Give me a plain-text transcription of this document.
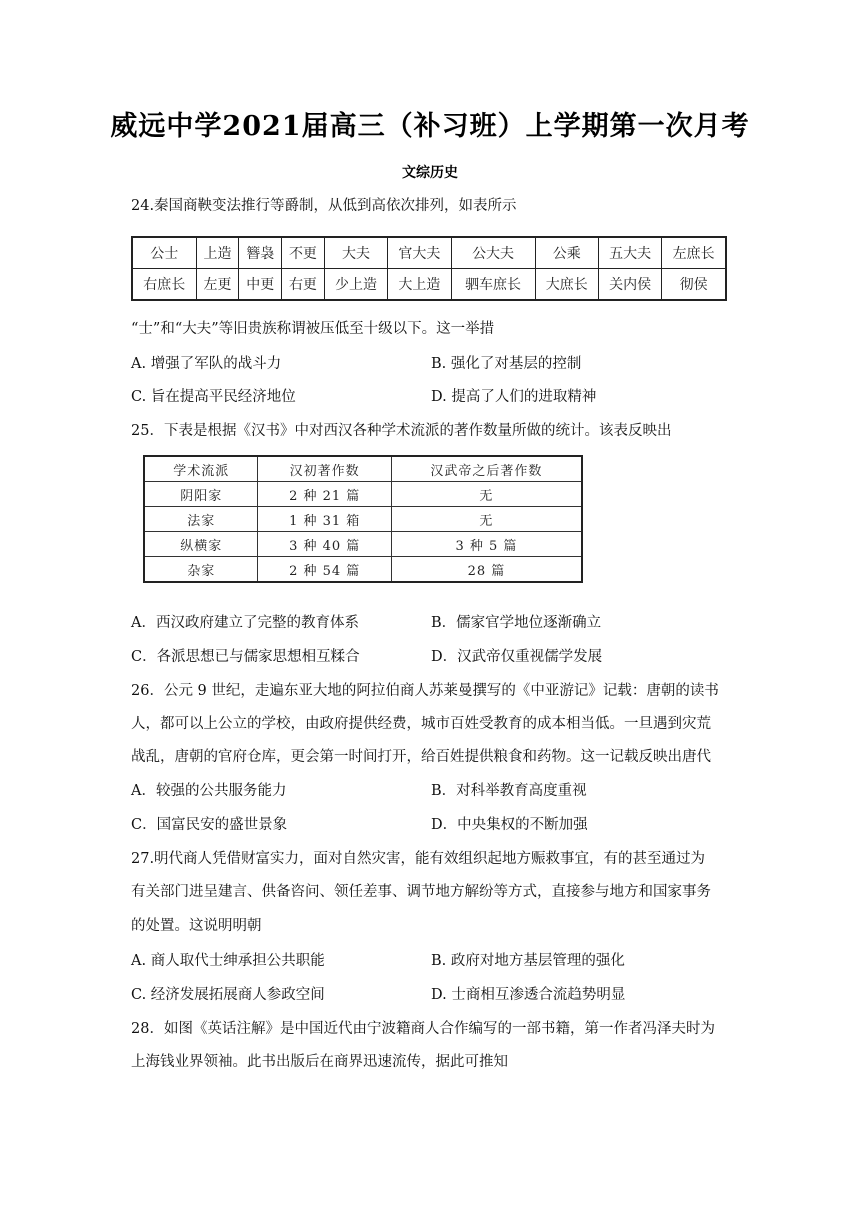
威远中学2021届高三（补习班）上学期第一次月考
文综历史
24.秦国商鞅变法推行等爵制，从低到高依次排列，如表所示
公士	上造	簪袅	不更	大夫	官大夫	公大夫	公乘	五大夫	左庶长
右庶长	左更	中更	右更	少上造	大上造	驷车庶长	大庶长	关内侯	彻侯
“士”和“大夫”等旧贵族称谓被压低至十级以下。这一举措
A. 增强了军队的战斗力	B. 强化了对基层的控制
C. 旨在提高平民经济地位	D. 提高了人们的进取精神
25．下表是根据《汉书》中对西汉各种学术流派的著作数量所做的统计。该表反映出
学术流派	汉初著作数	汉武帝之后著作数
阴阳家	2 种 21 篇	无
法家	1 种 31 箱	无
纵横家	3 种 40 篇	3 种 5 篇
杂家	2 种 54 篇	28 篇
A．西汉政府建立了完整的教育体系	B．儒家官学地位逐渐确立
C．各派思想已与儒家思想相互糅合	D．汉武帝仅重视儒学发展
26．公元 9 世纪，走遍东亚大地的阿拉伯商人苏莱曼撰写的《中亚游记》记载：唐朝的读书
人，都可以上公立的学校，由政府提供经费，城市百姓受教育的成本相当低。一旦遇到灾荒
战乱，唐朝的官府仓库，更会第一时间打开，给百姓提供粮食和药物。这一记载反映出唐代
A．较强的公共服务能力	B．对科举教育高度重视
C．国富民安的盛世景象	D．中央集权的不断加强
27.明代商人凭借财富实力，面对自然灾害，能有效组织起地方赈救事宜，有的甚至通过为
有关部门进呈建言、供备咨问、领任差事、调节地方解纷等方式，直接参与地方和国家事务
的处置。这说明明朝
A. 商人取代士绅承担公共职能	B. 政府对地方基层管理的强化
C. 经济发展拓展商人参政空间	D. 士商相互渗透合流趋势明显
28．如图《英话注解》是中国近代由宁波籍商人合作编写的一部书籍，第一作者冯泽夫时为
上海钱业界领袖。此书出版后在商界迅速流传，据此可推知
